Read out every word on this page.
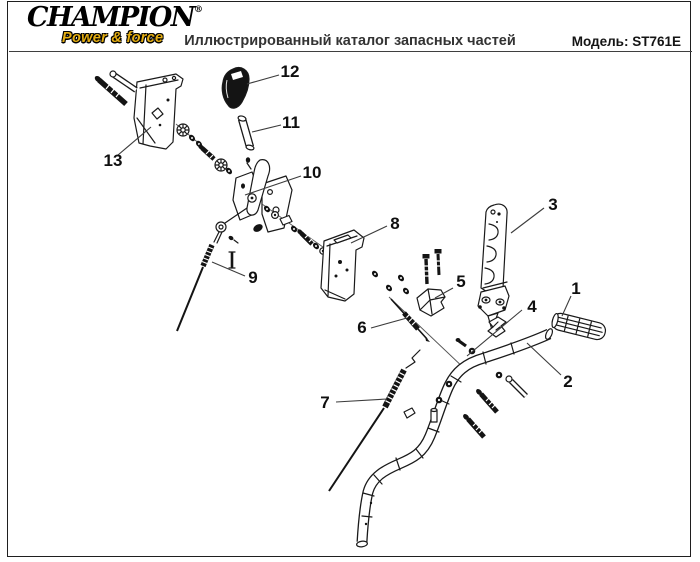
CHAMPION®
Power & force	Иллюстрированный каталог запасных частей	Модель: ST761E
1
2
3
4
5
6
7
8
9
10
11
12
13
